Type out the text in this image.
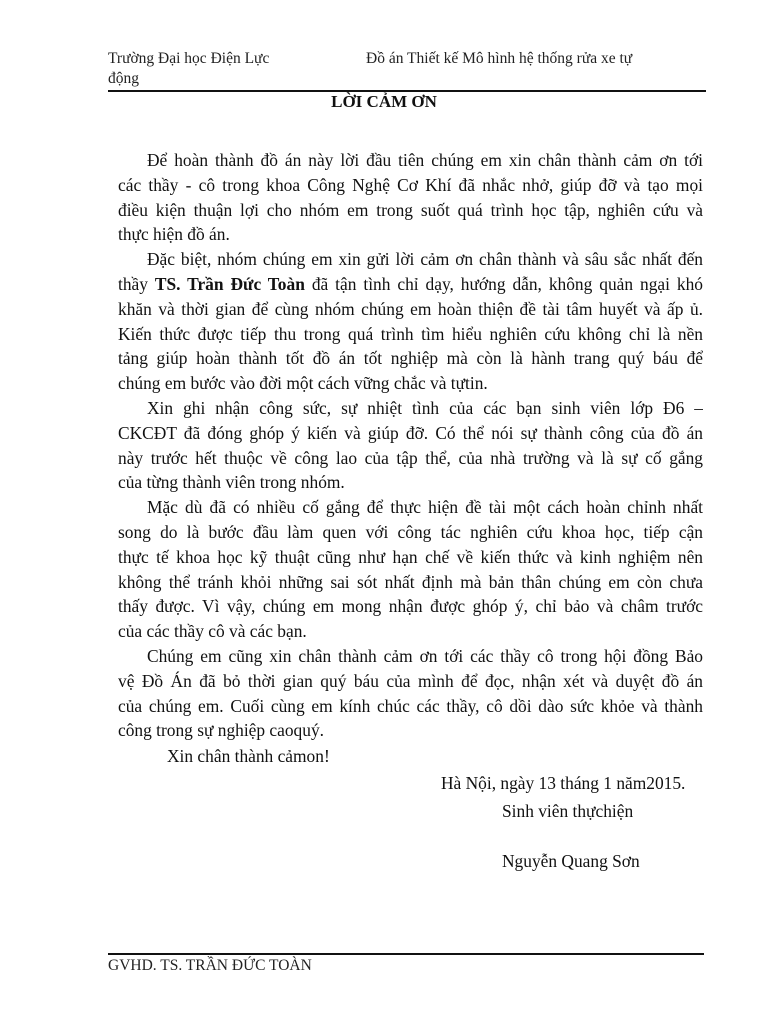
Trường Đại học Điện Lực	Đồ án Thiết kế Mô hình hệ thống rửa xe tự
động
LỜI CẢM ƠN
Để hoàn thành đồ án này lời đầu tiên chúng em xin chân thành cảm ơn tới
các thầy - cô trong khoa Công Nghệ Cơ Khí đã nhắc nhở, giúp đỡ và tạo mọi
điều kiện thuận lợi cho nhóm em trong suốt quá trình học tập, nghiên cứu và
thực hiện đồ án.
Đặc biệt, nhóm chúng em xin gửi lời cảm ơn chân thành và sâu sắc nhất đến
thầy TS. Trần Đức Toàn đã tận tình chỉ dạy, hướng dẫn, không quản ngại khó
khăn và thời gian để cùng nhóm chúng em hoàn thiện đề tài tâm huyết và ấp ủ.
Kiến thức được tiếp thu trong quá trình tìm hiểu nghiên cứu không chỉ là nền
tảng giúp hoàn thành tốt đồ án tốt nghiệp mà còn là hành trang quý báu để
chúng em bước vào đời một cách vững chắc và tựtin.
Xin ghi nhận công sức, sự nhiệt tình của các bạn sinh viên lớp Đ6 –
CKCĐT đã đóng ghóp ý kiến và giúp đỡ. Có thể nói sự thành công của đồ án
này trước hết thuộc về công lao của tập thể, của nhà trường và là sự cố gắng
của từng thành viên trong nhóm.
Mặc dù đã có nhiều cố gắng để thực hiện đề tài một cách hoàn chỉnh nhất
song do là bước đầu làm quen với công tác nghiên cứu khoa học, tiếp cận
thực tế khoa học kỹ thuật cũng như hạn chế về kiến thức và kinh nghiệm nên
không thể tránh khỏi những sai sót nhất định mà bản thân chúng em còn chưa
thấy được. Vì vậy, chúng em mong nhận được ghóp ý, chỉ bảo và châm trước
của các thầy cô và các bạn.
Chúng em cũng xin chân thành cảm ơn tới các thầy cô trong hội đồng Bảo
vệ Đồ Án đã bỏ thời gian quý báu của mình để đọc, nhận xét và duyệt đồ án
của chúng em. Cuối cùng em kính chúc các thầy, cô dồi dào sức khỏe và thành
công trong sự nghiệp caoquý.
Xin chân thành cảmon!
Hà Nội, ngày 13 tháng 1 năm2015.
Sinh viên thựchiện
Nguyễn Quang Sơn
GVHD. TS. TRẦN ĐỨC TOÀN
